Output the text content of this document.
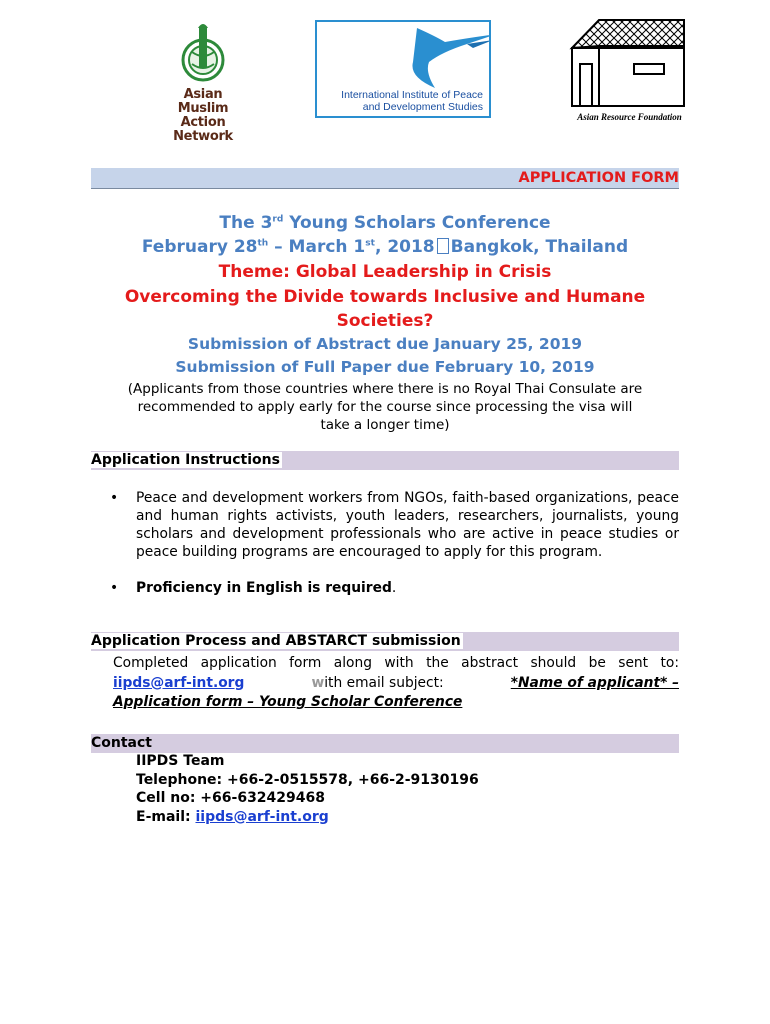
Asian Muslim
Action Network
International Institute of Peace
and Development Studies
Asian Resource Foundation
APPLICATION FORM
The 3rd Young Scholars Conference
February 28th – March 1st, 2018 Bangkok, Thailand
Theme: Global Leadership in Crisis
Overcoming the Divide towards Inclusive and Humane
Societies?
Submission of Abstract due January 25, 2019
Submission of Full Paper due February 10, 2019
(Applicants from those countries where there is no Royal Thai Consulate are
recommended to apply early for the course since processing the visa will
take a longer time)
Application Instructions
•	Peace and development workers from NGOs, faith-based organizations, peace and human rights activists, youth leaders, researchers, journalists, young scholars and development professionals who are active in peace studies or peace building programs are encouraged to apply for this program.
•	Proficiency in English is required.
Application Process and ABSTARCT submission
Completed application form along with the abstract should be sent to:
iipds@arf-int.org	with email subject:	*Name of applicant* –
Application form – Young Scholar Conference
Contact
IIPDS Team
Telephone: +66-2-0515578, +66-2-9130196
Cell no: +66-632429468
E-mail: iipds@arf-int.org
